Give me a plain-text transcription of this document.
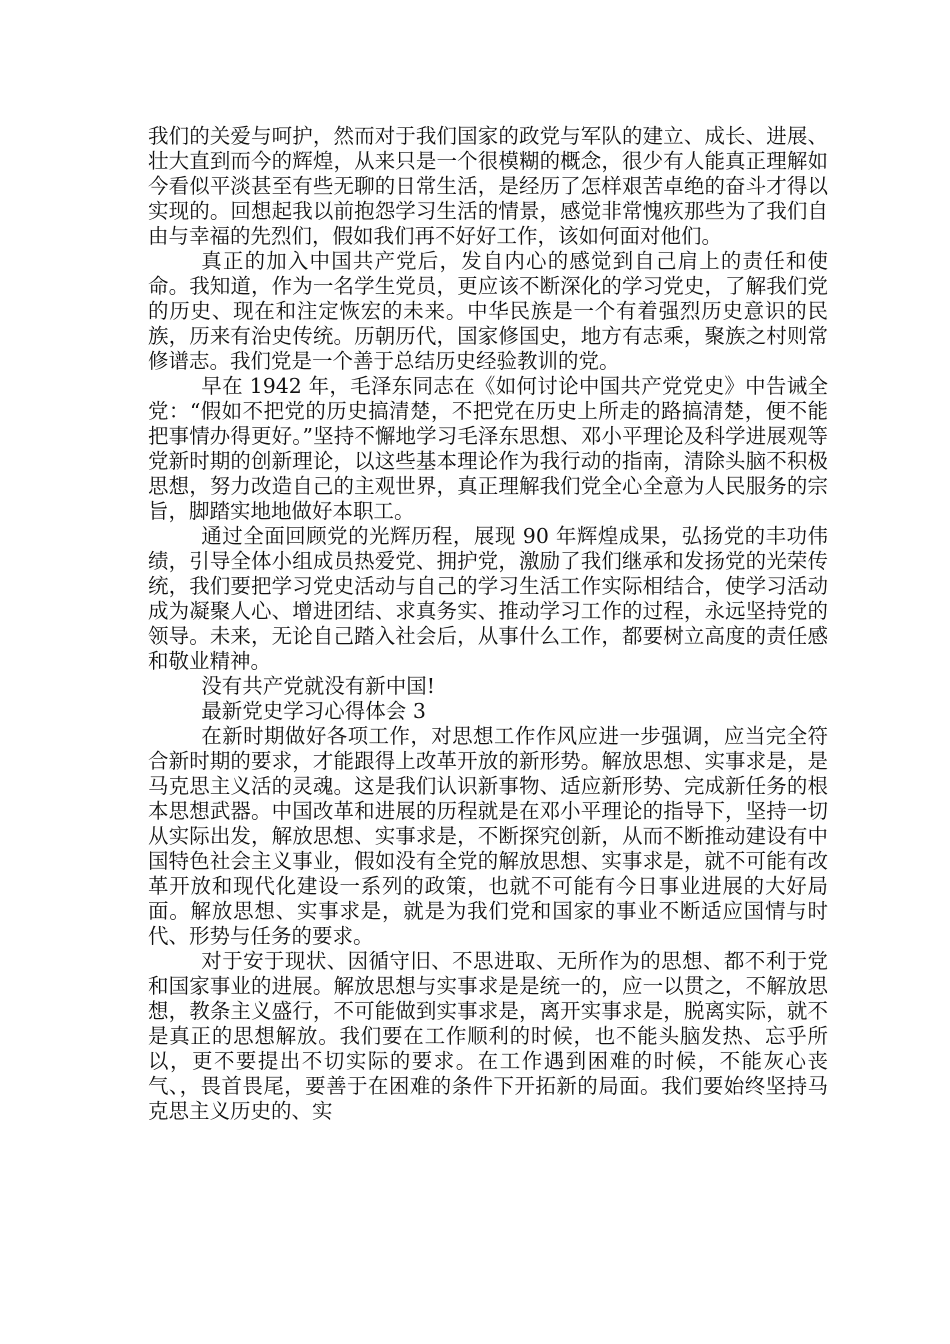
我们的关爱与呵护，然而对于我们国家的政党与军队的建立、成长、进展、壮大直到而今的辉煌，从来只是一个很模糊的概念，很少有人能真正理解如今看似平淡甚至有些无聊的日常生活，是经历了怎样艰苦卓绝的奋斗才得以实现的。回想起我以前抱怨学习生活的情景，感觉非常愧疚那些为了我们自由与幸福的先烈们，假如我们再不好好工作，该如何面对他们。

真正的加入中国共产党后，发自内心的感觉到自己肩上的责任和使命。我知道，作为一名学生党员，更应该不断深化的学习党史，了解我们党的历史、现在和注定恢宏的未来。中华民族是一个有着强烈历史意识的民族，历来有治史传统。历朝历代，国家修国史，地方有志乘，聚族之村则常修谱志。我们党是一个善于总结历史经验教训的党。

早在 1942 年，毛泽东同志在《如何讨论中国共产党党史》中告诫全党：“假如不把党的历史搞清楚，不把党在历史上所走的路搞清楚，便不能把事情办得更好。”坚持不懈地学习毛泽东思想、邓小平理论及科学进展观等党新时期的创新理论，以这些基本理论作为我行动的指南，清除头脑不积极思想，努力改造自己的主观世界，真正理解我们党全心全意为人民服务的宗旨，脚踏实地地做好本职工。

通过全面回顾党的光辉历程，展现 90 年辉煌成果，弘扬党的丰功伟绩，引导全体小组成员热爱党、拥护党，激励了我们继承和发扬党的光荣传统，我们要把学习党史活动与自己的学习生活工作实际相结合，使学习活动成为凝聚人心、增进团结、求真务实、推动学习工作的过程，永远坚持党的领导。未来，无论自己踏入社会后，从事什么工作，都要树立高度的责任感和敬业精神。

没有共产党就没有新中国!

最新党史学习心得体会 3

在新时期做好各项工作，对思想工作作风应进一步强调，应当完全符合新时期的要求，才能跟得上改革开放的新形势。解放思想、实事求是，是马克思主义活的灵魂。这是我们认识新事物、适应新形势、完成新任务的根本思想武器。中国改革和进展的历程就是在邓小平理论的指导下，坚持一切从实际出发，解放思想、实事求是，不断探究创新，从而不断推动建设有中国特色社会主义事业，假如没有全党的解放思想、实事求是，就不可能有改革开放和现代化建设一系列的政策，也就不可能有今日事业进展的大好局面。解放思想、实事求是，就是为我们党和国家的事业不断适应国情与时代、形势与任务的要求。

对于安于现状、因循守旧、不思进取、无所作为的思想、都不利于党和国家事业的进展。解放思想与实事求是是统一的，应一以贯之，不解放思想，教条主义盛行，不可能做到实事求是，离开实事求是，脱离实际，就不是真正的思想解放。我们要在工作顺利的时候，也不能头脑发热、忘乎所以，更不要提出不切实际的要求。在工作遇到困难的时候，不能灰心丧气、，畏首畏尾，要善于在困难的条件下开拓新的局面。我们要始终坚持马克思主义历史的、实
